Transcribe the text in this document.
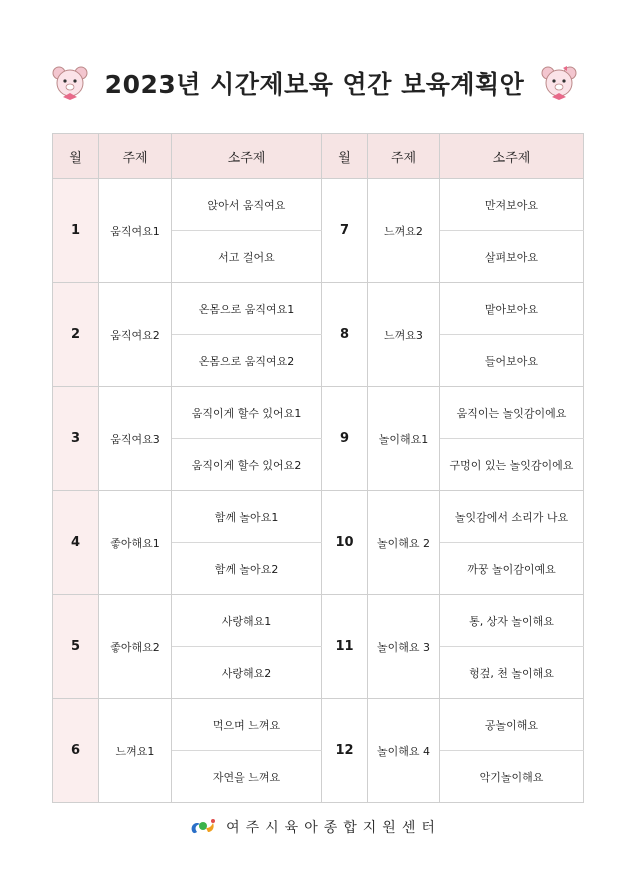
2023년 시간제보육 연간 보육계획안
월	주제	소주제	월	주제	소주제
1	움직여요1	앉아서 움직여요	7	느껴요2	만져보아요
		서고 걸어요			살펴보아요
2	움직여요2	온몸으로 움직여요1	8	느껴요3	맡아보아요
		온몸으로 움직여요2			들어보아요
3	움직여요3	움직이게 할수 있어요1	9	놀이해요1	움직이는 놀잇감이에요
		움직이게 할수 있어요2			구멍이 있는 놀잇감이에요
4	좋아해요1	함께 놀아요1	10	놀이해요 2	놀잇감에서 소리가 나요
		함께 놀아요2			까꿍 놀이감이예요
5	좋아해요2	사랑해요1	11	놀이해요 3	통, 상자 놀이해요
		사랑해요2			헝겊, 천 놀이해요
6	느껴요1	먹으며 느껴요	12	놀이해요 4	공놀이해요
		자연을 느껴요			악기놀이해요
여주시육아종합지원센터
